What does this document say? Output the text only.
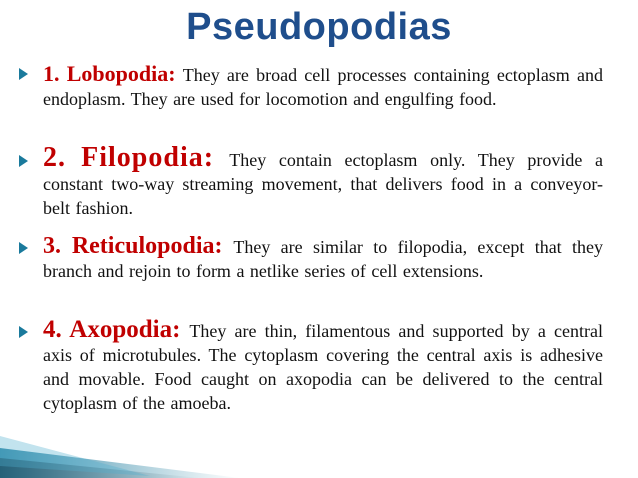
Pseudopodias
1. Lobopodia: They are broad cell processes containing ectoplasm and endoplasm. They are used for locomotion and engulfing food.
2. Filopodia: They contain ectoplasm only. They provide a constant two-way streaming movement, that delivers food in a conveyor-belt fashion.
3. Reticulopodia: They are similar to filopodia, except that they branch and rejoin to form a netlike series of cell extensions.
4. Axopodia: They are thin, filamentous and supported by a central axis of microtubules. The cytoplasm covering the central axis is adhesive and movable. Food caught on axopodia can be delivered to the central cytoplasm of the amoeba.
